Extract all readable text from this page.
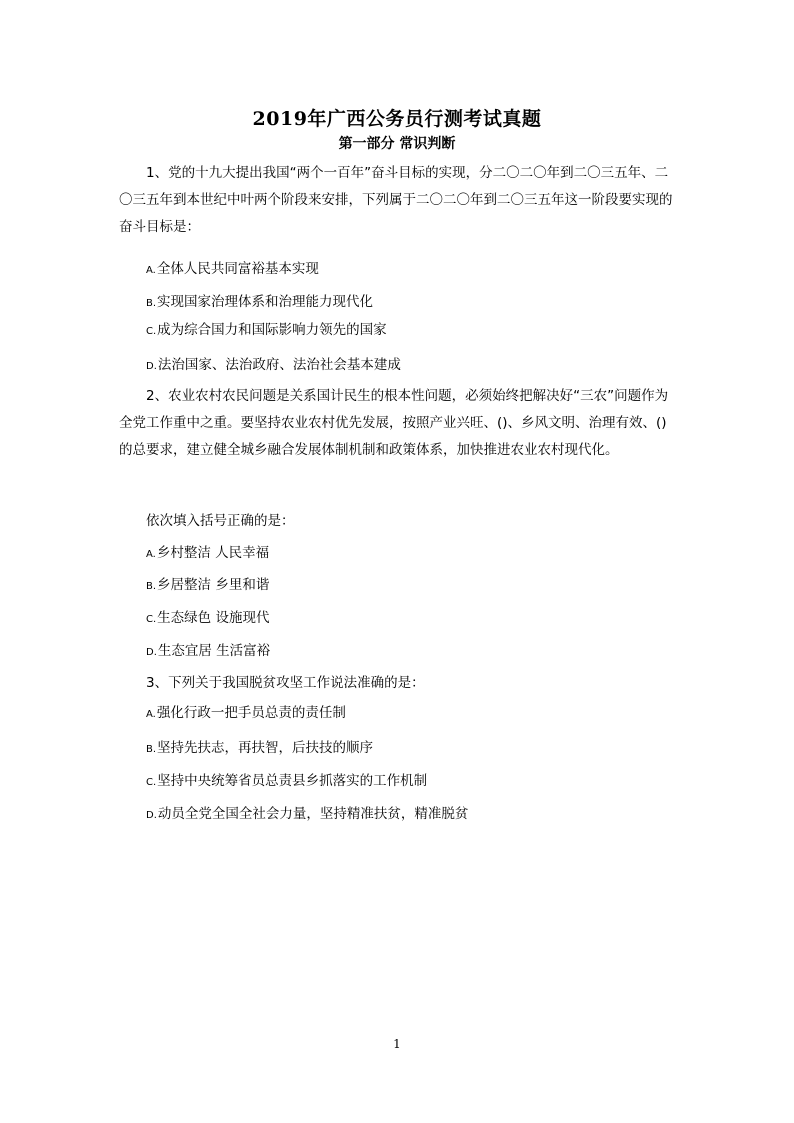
2019年广西公务员行测考试真题
第一部分 常识判断
1、党的十九大提出我国“两个一百年”奋斗目标的实现，分二〇二〇年到二〇三五年、二〇三五年到本世纪中叶两个阶段来安排，下列属于二〇二〇年到二〇三五年这一阶段要实现的奋斗目标是：
A.全体人民共同富裕基本实现
B.实现国家治理体系和治理能力现代化
C.成为综合国力和国际影响力领先的国家
D.法治国家、法治政府、法治社会基本建成
2、农业农村农民问题是关系国计民生的根本性问题，必须始终把解决好“三农”问题作为全党工作重中之重。要坚持农业农村优先发展，按照产业兴旺、()、乡风文明、治理有效、()的总要求，建立健全城乡融合发展体制机制和政策体系，加快推进农业农村现代化。
依次填入括号正确的是：
A.乡村整洁 人民幸福
B.乡居整洁 乡里和谐
C.生态绿色 设施现代
D.生态宜居 生活富裕
3、下列关于我国脱贫攻坚工作说法准确的是：
A.强化行政一把手员总责的责任制
B.坚持先扶志，再扶智，后扶技的顺序
C.坚持中央统筹省员总责县乡抓落实的工作机制
D.动员全党全国全社会力量，坚持精准扶贫，精准脱贫
1
